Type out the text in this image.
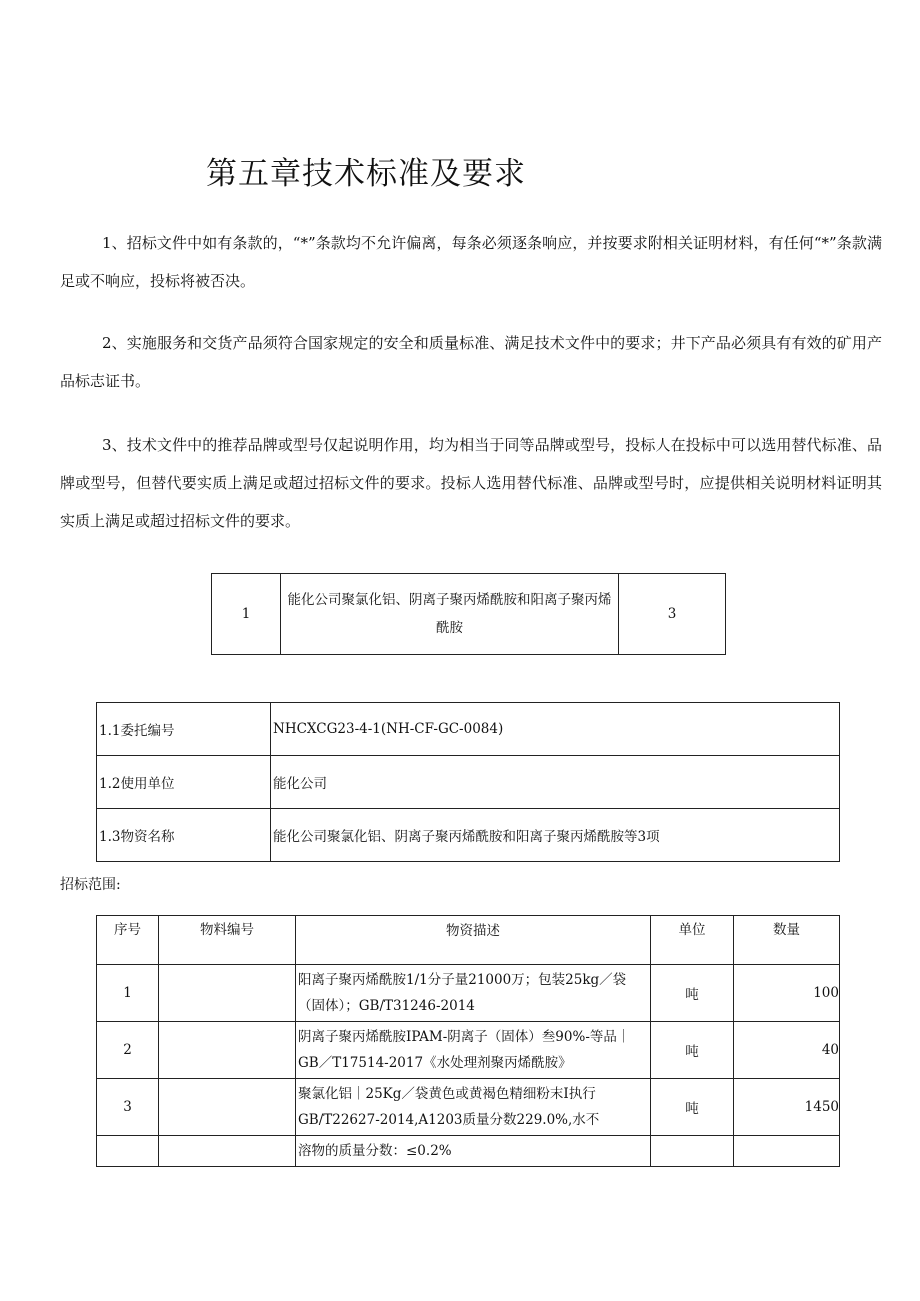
第五章技术标准及要求

1、招标文件中如有条款的，“*”条款均不允许偏离，每条必须逐条响应，并按要求附相关证明材料，有任何“*”条款满足或不响应，投标将被否决。

2、实施服务和交货产品须符合国家规定的安全和质量标准、满足技术文件中的要求；井下产品必须具有有效的矿用产品标志证书。

3、技术文件中的推荐品牌或型号仅起说明作用，均为相当于同等品牌或型号，投标人在投标中可以选用替代标准、品牌或型号，但替代要实质上满足或超过招标文件的要求。投标人选用替代标准、品牌或型号时，应提供相关说明材料证明其实质上满足或超过招标文件的要求。

1	能化公司聚氯化铝、阴离子聚丙烯酰胺和阳离子聚丙烯酰胺	3
1.1委托编号	NHCXCG23-4-1(NH-CF-GC-0084)
1.2使用单位	能化公司
1.3物资名称	能化公司聚氯化铝、阴离子聚丙烯酰胺和阳离子聚丙烯酰胺等3项
招标范围:
序号	物料编号	物资描述	单位	数量
1		阳离子聚丙烯酰胺1/1分子量21000万；包装25kg／袋（固体）；GB/T31246-2014	吨	100
2		阴离子聚丙烯酰胺IPAM-阴离子（固体）叁90%-等品｜GB／T17514-2017《水处理剂聚丙烯酰胺》	吨	40
3		聚氯化铝｜25Kg／袋黄色或黄褐色精细粉末Ⅰ执行GB/T22627-2014,A1203质量分数229.0%,水不	吨	1450
		溶物的质量分数：≤0.2%		
